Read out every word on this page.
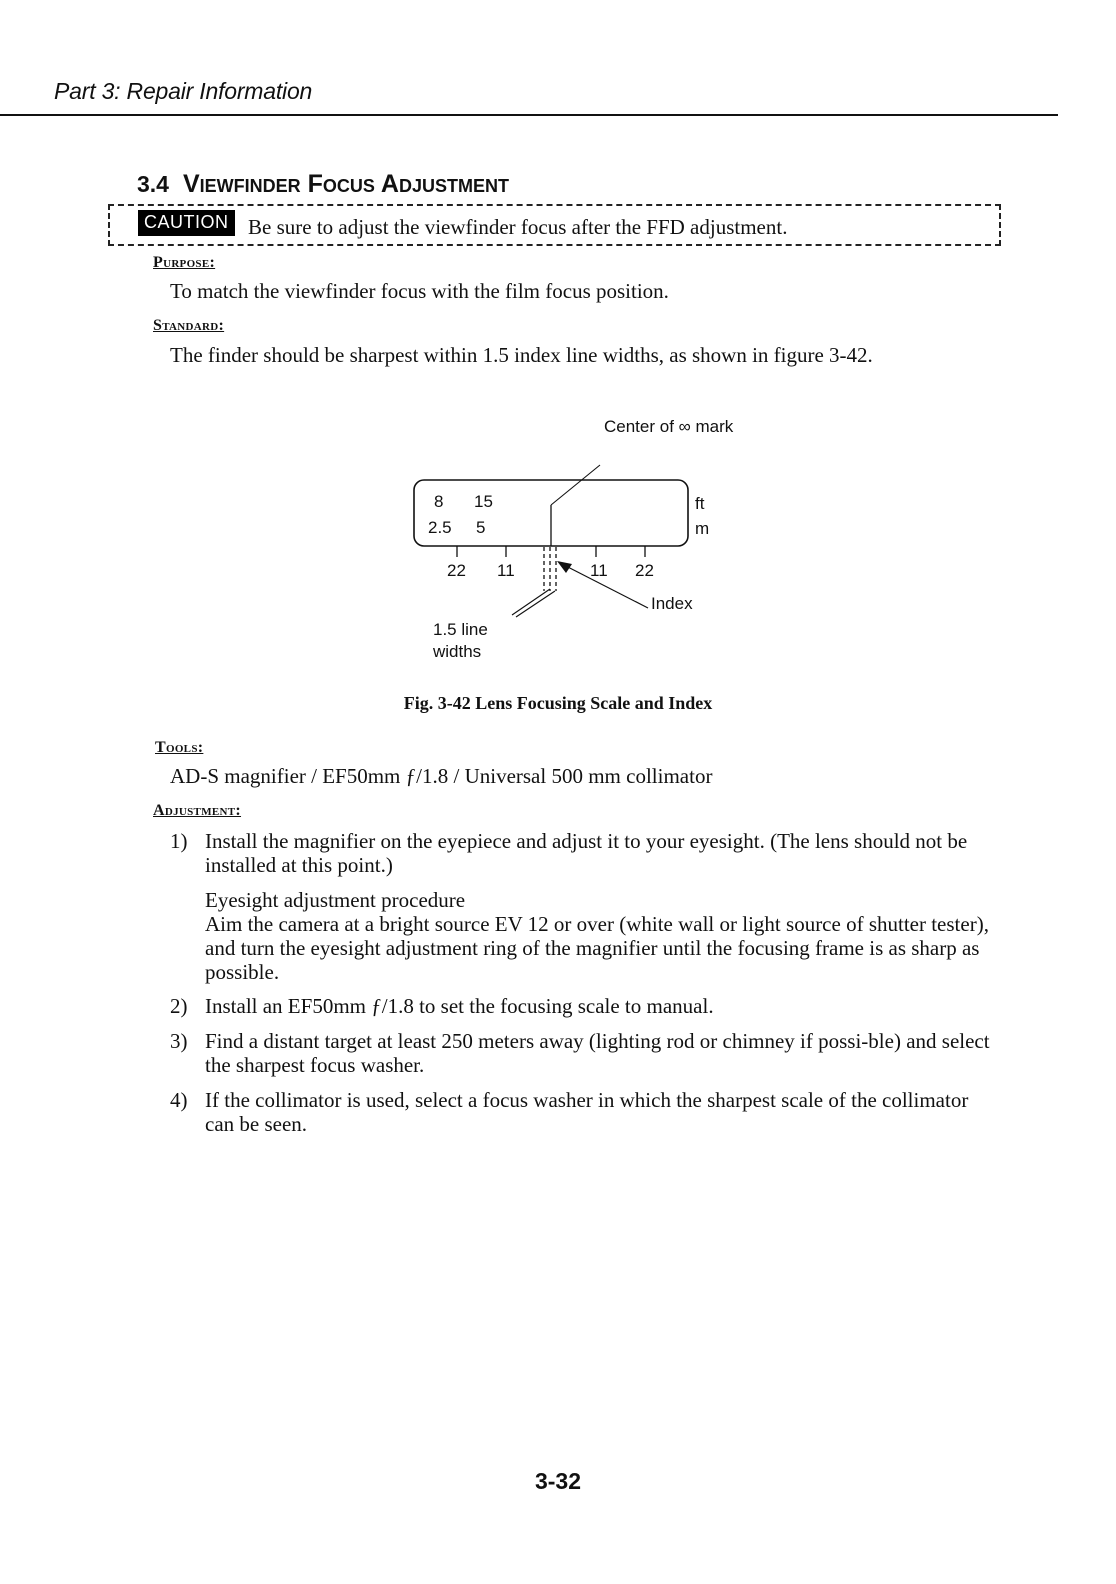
Part 3: Repair Information
3.4 Viewfinder Focus Adjustment
CAUTION Be sure to adjust the viewfinder focus after the FFD adjustment.
Purpose:
To match the viewfinder focus with the film focus position.
Standard:
The finder should be sharpest within 1.5 index line widths, as shown in figure 3-42.
Center of ∞ mark
8 15
2.5 5
ft
m
22 11	11 22
Index
1.5 line
widths
Fig. 3-42 Lens Focusing Scale and Index
Tools:
AD-S magnifier / EF50mm ƒ/1.8 / Universal 500 mm collimator
Adjustment:
1) Install the magnifier on the eyepiece and adjust it to your eyesight. (The lens should not be installed at this point.)
Eyesight adjustment procedure
Aim the camera at a bright source EV 12 or over (white wall or light source of shutter tester), and turn the eyesight adjustment ring of the magnifier until the focusing frame is as sharp as possible.
2) Install an EF50mm ƒ/1.8 to set the focusing scale to manual.
3) Find a distant target at least 250 meters away (lighting rod or chimney if possi-ble) and select the sharpest focus washer.
4) If the collimator is used, select a focus washer in which the sharpest scale of the collimator can be seen.
3-32
